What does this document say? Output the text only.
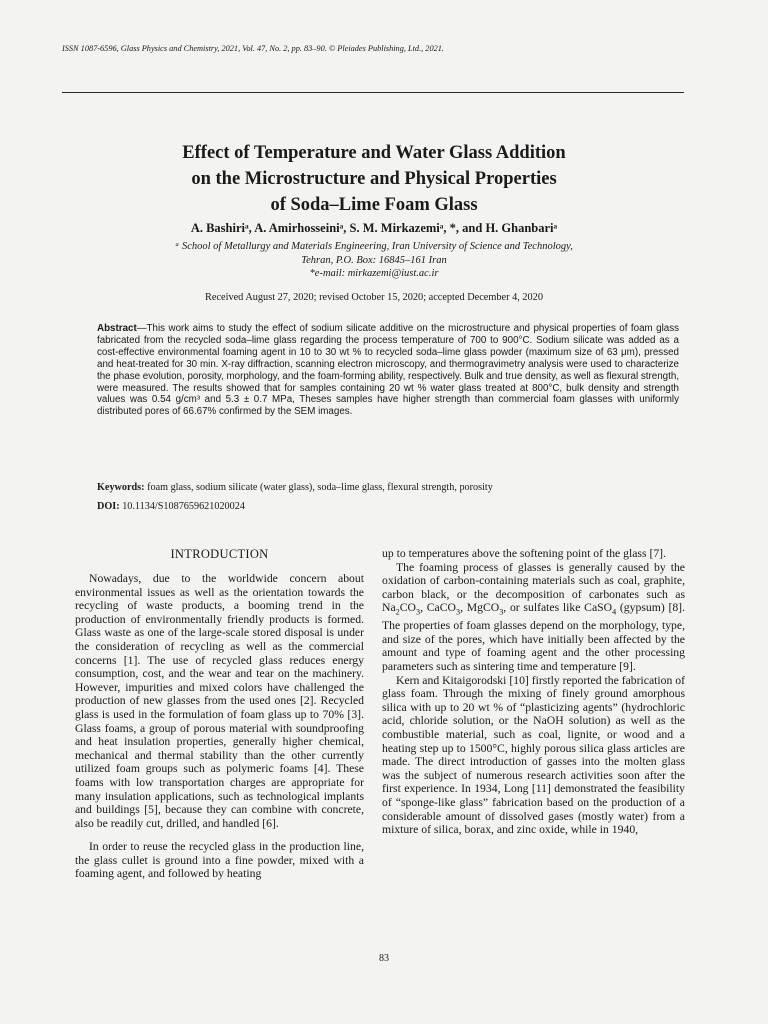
ISSN 1087-6596, Glass Physics and Chemistry, 2021, Vol. 47, No. 2, pp. 83–90. © Pleiades Publishing, Ltd., 2021.
Effect of Temperature and Water Glass Addition
on the Microstructure and Physical Properties
of Soda–Lime Foam Glass
A. Bashiriᵃ, A. Amirhosseiniᵃ, S. M. Mirkazemiᵃ, *, and H. Ghanbariᵃ
ᵃ School of Metallurgy and Materials Engineering, Iran University of Science and Technology,
Tehran, P.O. Box: 16845–161 Iran
*e-mail: mirkazemi@iust.ac.ir
Received August 27, 2020; revised October 15, 2020; accepted December 4, 2020

Abstract—This work aims to study the effect of sodium silicate additive on the microstructure and physical properties of foam glass fabricated from the recycled soda–lime glass regarding the process temperature of 700 to 900°C. Sodium silicate was added as a cost-effective environmental foaming agent in 10 to 30 wt % to recycled soda–lime glass powder (maximum size of 63 μm), pressed and heat-treated for 30 min. X-ray diffraction, scanning electron microscopy, and thermogravimetry analysis were used to characterize the phase evolution, porosity, morphology, and the foam-forming ability, respectively. Bulk and true density, as well as flexural strength, were measured. The results showed that for samples containing 20 wt % water glass treated at 800°C, bulk density and strength values was 0.54 g/cm³ and 5.3 ± 0.7 MPa, Theses samples have higher strength than commercial foam glasses with uniformly distributed pores of 66.67% confirmed by the SEM images.

Keywords: foam glass, sodium silicate (water glass), soda–lime glass, flexural strength, porosity

DOI: 10.1134/S1087659621020024

INTRODUCTION

Nowadays, due to the worldwide concern about environmental issues as well as the orientation towards the recycling of waste products, a booming trend in the production of environmentally friendly products is formed. Glass waste as one of the large-scale stored disposal is under the consideration of recycling as well as the commercial concerns [1]. The use of recycled glass reduces energy consumption, cost, and the wear and tear on the machinery. However, impurities and mixed colors have challenged the production of new glasses from the used ones [2]. Recycled glass is used in the formulation of foam glass up to 70% [3]. Glass foams, a group of porous material with soundproofing and heat insulation properties, generally higher chemical, mechanical and thermal stability than the other currently utilized foam groups such as polymeric foams [4]. These foams with low transportation charges are appropriate for many insulation applications, such as technological implants and buildings [5], because they can combine with concrete, also be readily cut, drilled, and handled [6].

In order to reuse the recycled glass in the production line, the glass cullet is ground into a fine powder, mixed with a foaming agent, and followed by heating

up to temperatures above the softening point of the glass [7].

The foaming process of glasses is generally caused by the oxidation of carbon-containing materials such as coal, graphite, carbon black, or the decomposition of carbonates such as $Na_2CO_3$, CaCO$_3$, MgCO$_3$, or sulfates like CaSO$_4$ (gypsum) [8]. The properties of foam glasses depend on the morphology, type, and size of the pores, which have initially been affected by the amount and type of foaming agent and the other processing parameters such as sintering time and temperature [9].

Kern and Kitaigorodski [10] firstly reported the fabrication of glass foam. Through the mixing of finely ground amorphous silica with up to 20 wt % of “plasticizing agents” (hydrochloric acid, chloride solution, or the NaOH solution) as well as the combustible material, such as coal, lignite, or wood and a heating step up to 1500°C, highly porous silica glass articles are made. The direct introduction of gasses into the molten glass was the subject of numerous research activities soon after the first experience. In 1934, Long [11] demonstrated the feasibility of “sponge-like glass” fabrication based on the production of a considerable amount of dissolved gases (mostly water) from a mixture of silica, borax, and zinc oxide, while in 1940,

83
